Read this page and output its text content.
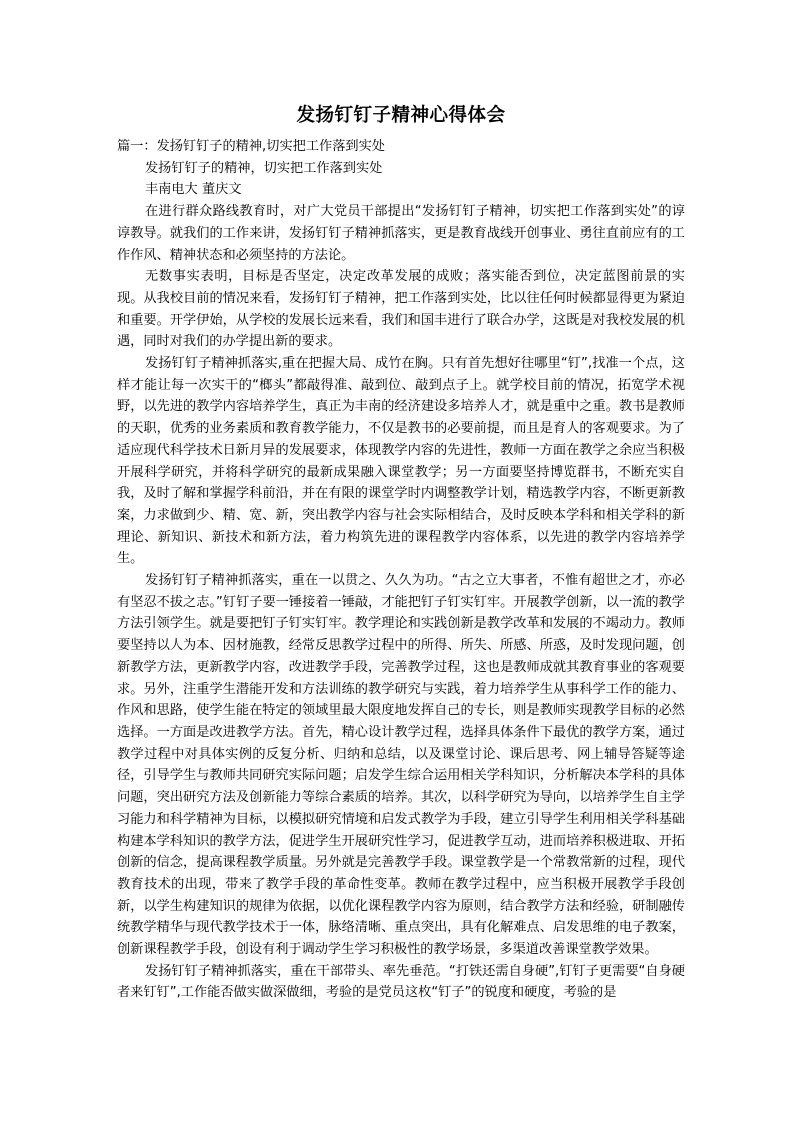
发扬钉钉子精神心得体会

篇一：发扬钉钉子的精神,切实把工作落到实处

发扬钉钉子的精神，切实把工作落到实处

丰南电大 董庆文

在进行群众路线教育时，对广大党员干部提出“发扬钉钉子精神，切实把工作落到实处”的谆谆教导。就我们的工作来讲，发扬钉钉子精神抓落实，更是教育战线开创事业、勇往直前应有的工作作风、精神状态和必须坚持的方法论。

无数事实表明，目标是否坚定，决定改革发展的成败；落实能否到位，决定蓝图前景的实现。从我校目前的情况来看，发扬钉钉子精神，把工作落到实处，比以往任何时候都显得更为紧迫和重要。开学伊始，从学校的发展长远来看，我们和国丰进行了联合办学，这既是对我校发展的机遇，同时对我们的办学提出新的要求。

发扬钉钉子精神抓落实,重在把握大局、成竹在胸。只有首先想好往哪里“钉”,找准一个点，这样才能让每一次实干的“榔头”都敲得准、敲到位、敲到点子上。就学校目前的情况，拓宽学术视野，以先进的教学内容培养学生，真正为丰南的经济建设多培养人才，就是重中之重。教书是教师的天职，优秀的业务素质和教育教学能力，不仅是教书的必要前提，而且是育人的客观要求。为了适应现代科学技术日新月异的发展要求，体现教学内容的先进性，教师一方面在教学之余应当积极开展科学研究，并将科学研究的最新成果融入课堂教学；另一方面要坚持博览群书，不断充实自我，及时了解和掌握学科前沿，并在有限的课堂学时内调整教学计划，精选教学内容，不断更新教案，力求做到少、精、宽、新，突出教学内容与社会实际相结合，及时反映本学科和相关学科的新理论、新知识、新技术和新方法，着力构筑先进的课程教学内容体系，以先进的教学内容培养学生。

发扬钉钉子精神抓落实，重在一以贯之、久久为功。“古之立大事者，不惟有超世之才，亦必有坚忍不拔之志。”钉钉子要一锤接着一锤敲，才能把钉子钉实钉牢。开展教学创新，以一流的教学方法引领学生。就是要把钉子钉实钉牢。教学理论和实践创新是教学改革和发展的不竭动力。教师要坚持以人为本、因材施教，经常反思教学过程中的所得、所失、所感、所惑，及时发现问题，创新教学方法，更新教学内容，改进教学手段，完善教学过程，这也是教师成就其教育事业的客观要求。另外，注重学生潜能开发和方法训练的教学研究与实践，着力培养学生从事科学工作的能力、作风和思路，使学生能在特定的领域里最大限度地发挥自己的专长，则是教师实现教学目标的必然选择。一方面是改进教学方法。首先，精心设计教学过程，选择具体条件下最优的教学方案，通过教学过程中对具体实例的反复分析、归纳和总结，以及课堂讨论、课后思考、网上辅导答疑等途径，引导学生与教师共同研究实际问题；启发学生综合运用相关学科知识，分析解决本学科的具体问题，突出研究方法及创新能力等综合素质的培养。其次，以科学研究为导向，以培养学生自主学习能力和科学精神为目标，以模拟研究情境和启发式教学为手段，建立引导学生利用相关学科基础构建本学科知识的教学方法，促进学生开展研究性学习，促进教学互动，进而培养积极进取、开拓创新的信念，提高课程教学质量。另外就是完善教学手段。课堂教学是一个常教常新的过程，现代教育技术的出现，带来了教学手段的革命性变革。教师在教学过程中，应当积极开展教学手段创新，以学生构建知识的规律为依据，以优化课程教学内容为原则，结合教学方法和经验，研制融传统教学精华与现代教学技术于一体，脉络清晰、重点突出，具有化解难点、启发思维的电子教案，创新课程教学手段，创设有利于调动学生学习积极性的教学场景，多渠道改善课堂教学效果。

发扬钉钉子精神抓落实，重在干部带头、率先垂范。“打铁还需自身硬”,钉钉子更需要“自身硬者来钉钉”,工作能否做实做深做细，考验的是党员这枚“钉子”的锐度和硬度，考验的是
